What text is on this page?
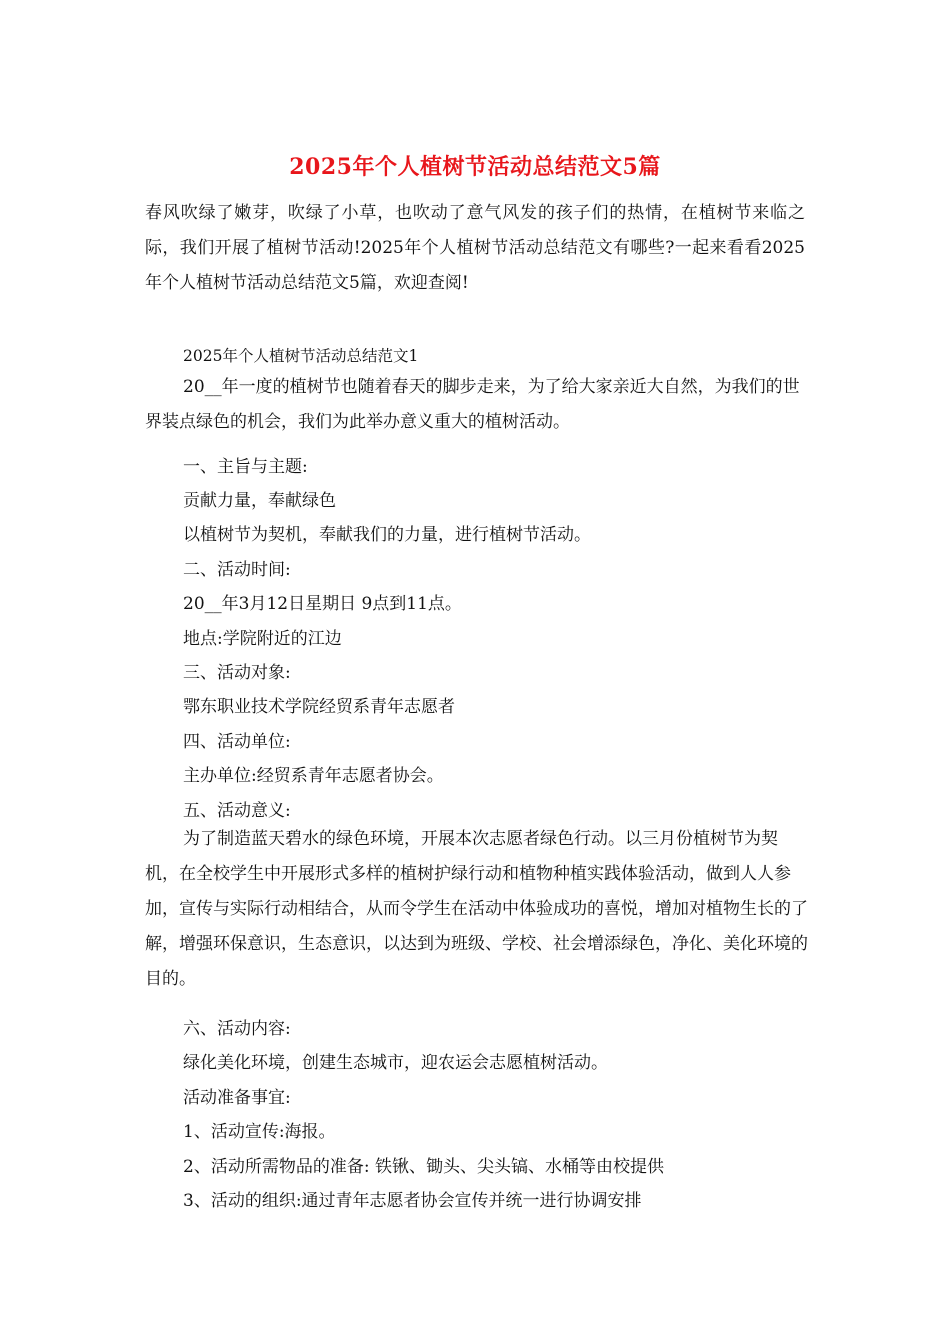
2025年个人植树节活动总结范文5篇
春风吹绿了嫩芽，吹绿了小草，也吹动了意气风发的孩子们的热情，在植树节来临之际，我们开展了植树节活动!2025年个人植树节活动总结范文有哪些?一起来看看2025年个人植树节活动总结范文5篇，欢迎查阅!
2025年个人植树节活动总结范文1
20__年一度的植树节也随着春天的脚步走来，为了给大家亲近大自然，为我们的世界装点绿色的机会，我们为此举办意义重大的植树活动。
一、主旨与主题:
贡献力量，奉献绿色
以植树节为契机，奉献我们的力量，进行植树节活动。
二、活动时间:
20__年3月12日星期日 9点到11点。
地点:学院附近的江边
三、活动对象:
鄂东职业技术学院经贸系青年志愿者
四、活动单位:
主办单位:经贸系青年志愿者协会。
五、活动意义:
为了制造蓝天碧水的绿色环境，开展本次志愿者绿色行动。以三月份植树节为契机，在全校学生中开展形式多样的植树护绿行动和植物种植实践体验活动，做到人人参加，宣传与实际行动相结合，从而令学生在活动中体验成功的喜悦，增加对植物生长的了解，增强环保意识，生态意识，以达到为班级、学校、社会增添绿色，净化、美化环境的目的。
六、活动内容:
绿化美化环境，创建生态城市，迎农运会志愿植树活动。
活动准备事宜:
1、活动宣传:海报。
2、活动所需物品的准备: 铁锹、锄头、尖头镐、水桶等由校提供
3、活动的组织:通过青年志愿者协会宣传并统一进行协调安排
